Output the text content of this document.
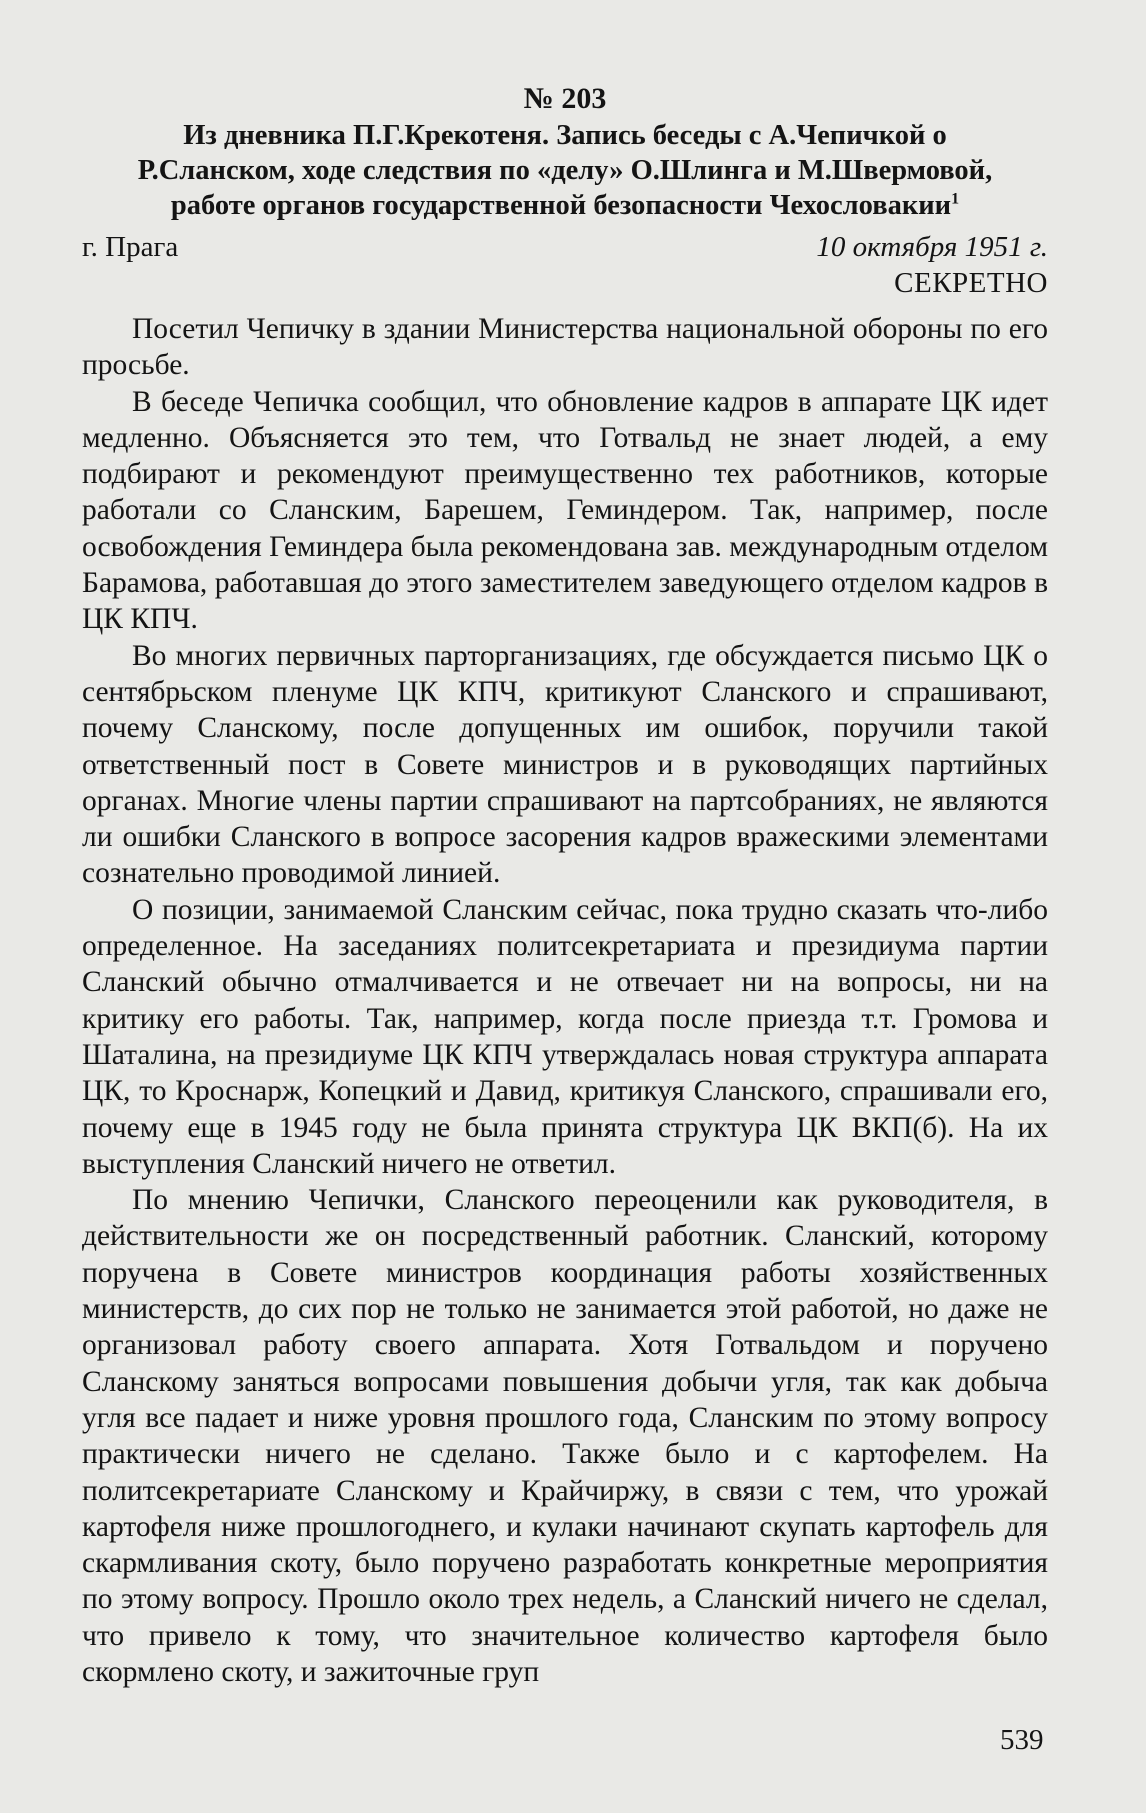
№ 203
Из дневника П.Г.Крекотеня. Запись беседы с А.Чепичкой о Р.Сланском, ходе следствия по «делу» О.Шлинга и М.Швермовой, работе органов государственной безопасности Чехословакии$^1$
г. Прага	10 октября 1951 г.
СЕКРЕТНО

Посетил Чепичку в здании Министерства национальной обороны по его просьбе.

В беседе Чепичка сообщил, что обновление кадров в аппарате ЦК идет медленно. Объясняется это тем, что Готвальд не знает людей, а ему подбирают и рекомендуют преимущественно тех работников, которые работали со Сланским, Барешем, Геминдером. Так, например, после освобождения Геминдера была рекомендована зав. международным отделом Барамова, работавшая до этого заместителем заведующего отделом кадров в ЦК КПЧ.

Во многих первичных парторганизациях, где обсуждается письмо ЦК о сентябрьском пленуме ЦК КПЧ, критикуют Сланского и спрашивают, почему Сланскому, после допущенных им ошибок, поручили такой ответственный пост в Совете министров и в руководящих партийных органах. Многие члены партии спрашивают на партсобраниях, не являются ли ошибки Сланского в вопросе засорения кадров вражескими элементами сознательно проводимой линией.

О позиции, занимаемой Сланским сейчас, пока трудно сказать что-либо определенное. На заседаниях политсекретариата и президиума партии Сланский обычно отмалчивается и не отвечает ни на вопросы, ни на критику его работы. Так, например, когда после приезда т.т. Громова и Шаталина, на президиуме ЦК КПЧ утверждалась новая структура аппарата ЦК, то Кроснарж, Копецкий и Давид, критикуя Сланского, спрашивали его, почему еще в 1945 году не была принята структура ЦК ВКП(б). На их выступления Сланский ничего не ответил.

По мнению Чепички, Сланского переоценили как руководителя, в действительности же он посредственный работник. Сланский, которому поручена в Совете министров координация работы хозяйственных министерств, до сих пор не только не занимается этой работой, но даже не организовал работу своего аппарата. Хотя Готвальдом и поручено Сланскому заняться вопросами повышения добычи угля, так как добыча угля все падает и ниже уровня прошлого года, Сланским по этому вопросу практически ничего не сделано. Также было и с картофелем. На политсекретариате Сланскому и Крайчиржу, в связи с тем, что урожай картофеля ниже прошлогоднего, и кулаки начинают скупать картофель для скармливания скоту, было поручено разработать конкретные мероприятия по этому вопросу. Прошло около трех недель, а Сланский ничего не сделал, что привело к тому, что значительное количество картофеля было скормлено скоту, и зажиточные груп

539
